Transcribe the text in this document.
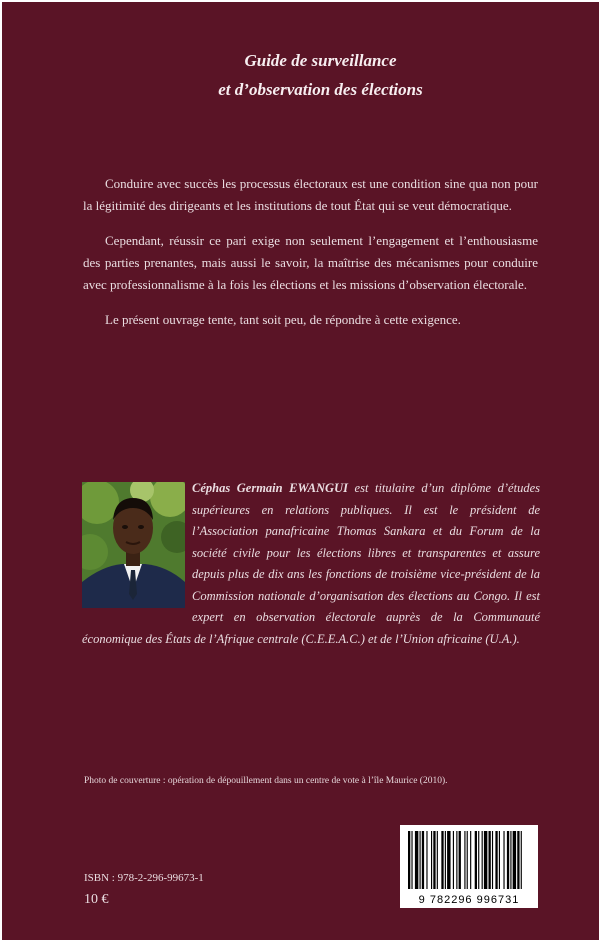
Guide de surveillance
et d’observation des élections

Conduire avec succès les processus électoraux est une condition sine qua non pour la légitimité des dirigeants et les institutions de tout État qui se veut démocratique.

Cependant, réussir ce pari exige non seulement l’engagement et l’enthousiasme des parties prenantes, mais aussi le savoir, la maîtrise des mécanismes pour conduire avec professionnalisme à la fois les élections et les missions d’observation électorale.

Le présent ouvrage tente, tant soit peu, de répondre à cette exigence.

Céphas Germain EWANGUI est titulaire d’un diplôme d’études supérieures en relations publiques. Il est le président de l’Association panafricaine Thomas Sankara et du Forum de la société civile pour les élections libres et transparentes et assure depuis plus de dix ans les fonctions de troisième vice-président de la Commission nationale d’organisation des élections au Congo. Il est expert en observation électorale auprès de la Communauté économique des États de l’Afrique centrale (C.E.E.A.C.) et de l’Union africaine (U.A.).
Photo de couverture : opération de dépouillement dans un centre de vote à l’île Maurice (2010).
ISBN : 978-2-296-99673-1
10 €	9 782296 996731
